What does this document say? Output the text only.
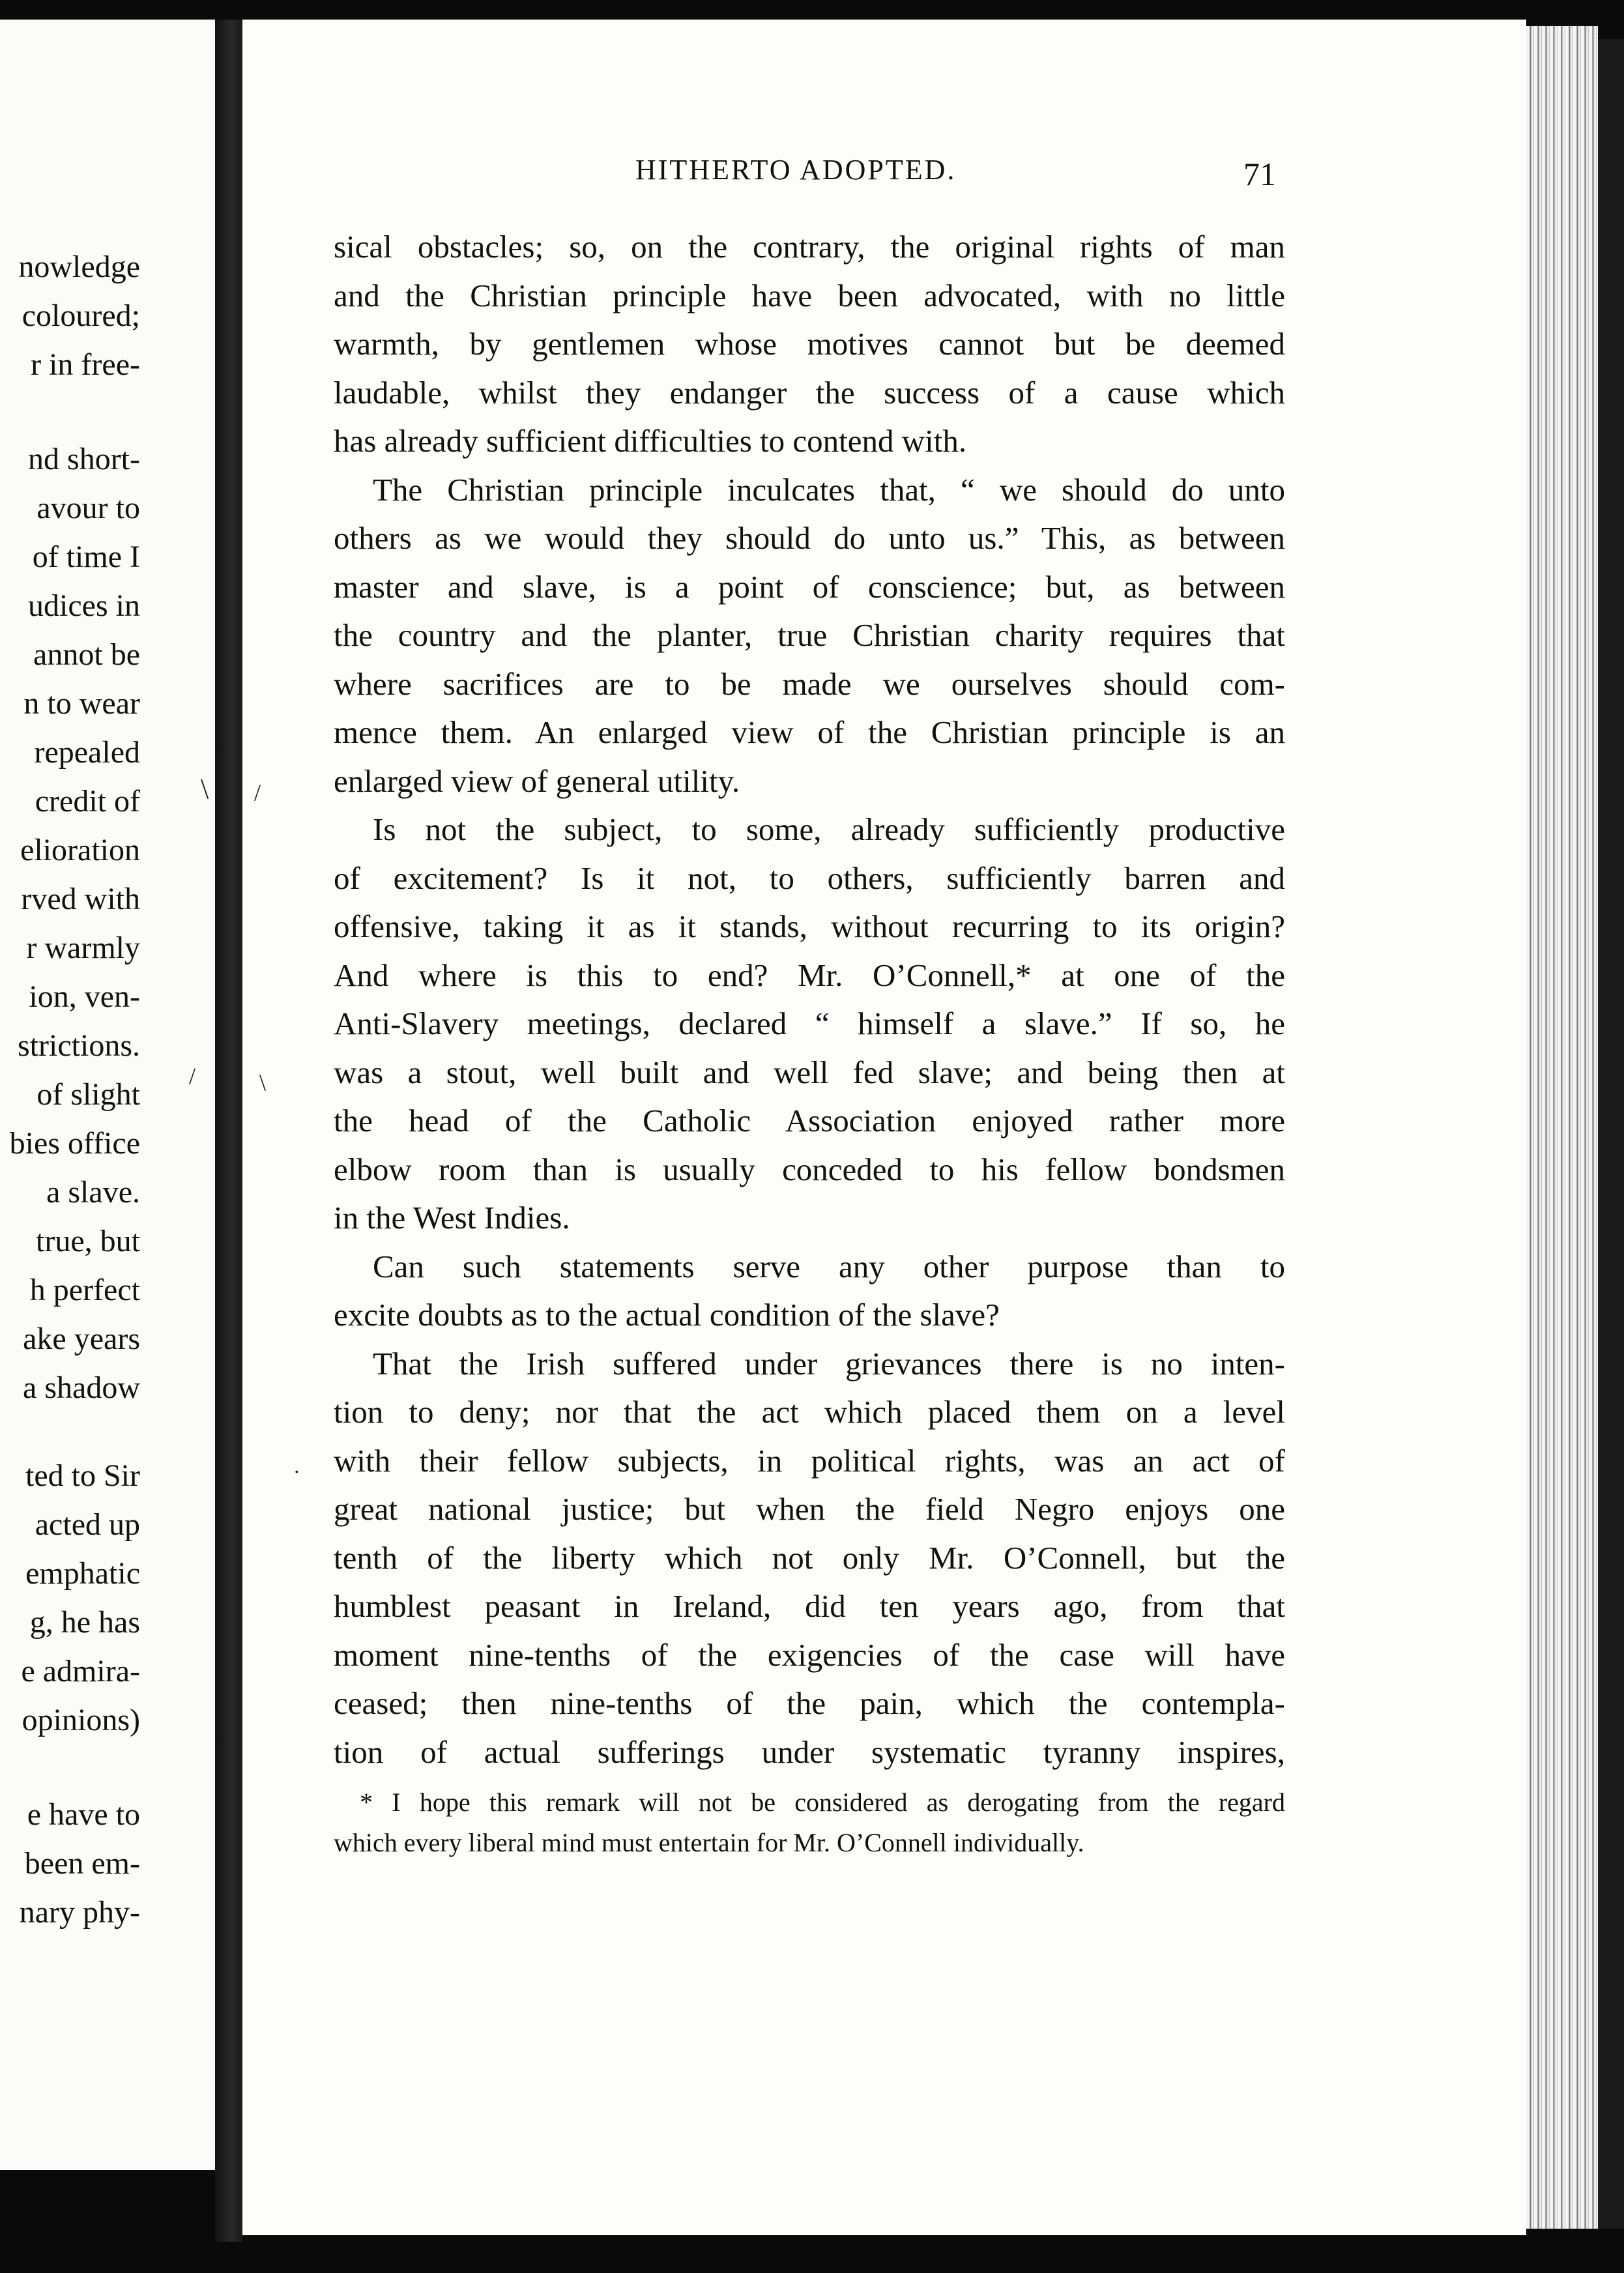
nowledge
coloured;
r in free-
nd short-
avour to
of time I
udices in
annot be
n to wear
repealed
credit of
elioration
rved with
r warmly
ion, ven-
strictions.
of slight
bies office
a slave.
true, but
h perfect
ake years
a shadow
ted to Sir
acted up
emphatic
g, he has
e admira-
opinions)
e have to
been em-
nary phy-
\ /
/	\
·
HITHERTO ADOPTED.	71
sical obstacles; so, on the contrary, the original rights of man
and the Christian principle have been advocated, with no little
warmth, by gentlemen whose motives cannot but be deemed
laudable, whilst they endanger the success of a cause which
has already sufficient difficulties to contend with.
The Christian principle inculcates that, “ we should do unto
others as we would they should do unto us.” This, as between
master and slave, is a point of conscience; but, as between
the country and the planter, true Christian charity requires that
where sacrifices are to be made we ourselves should com-
mence them. An enlarged view of the Christian principle is an
enlarged view of general utility.
Is not the subject, to some, already sufficiently productive
of excitement? Is it not, to others, sufficiently barren and
offensive, taking it as it stands, without recurring to its origin?
And where is this to end? Mr. O’Connell,* at one of the
Anti-Slavery meetings, declared “ himself a slave.” If so, he
was a stout, well built and well fed slave; and being then at
the head of the Catholic Association enjoyed rather more
elbow room than is usually conceded to his fellow bondsmen
in the West Indies.
Can such statements serve any other purpose than to
excite doubts as to the actual condition of the slave?
That the Irish suffered under grievances there is no inten-
tion to deny; nor that the act which placed them on a level
with their fellow subjects, in political rights, was an act of
great national justice; but when the field Negro enjoys one
tenth of the liberty which not only Mr. O’Connell, but the
humblest peasant in Ireland, did ten years ago, from that
moment nine-tenths of the exigencies of the case will have
ceased; then nine-tenths of the pain, which the contempla-
tion of actual sufferings under systematic tyranny inspires,
* I hope this remark will not be considered as derogating from the regard
which every liberal mind must entertain for Mr. O’Connell individually.
